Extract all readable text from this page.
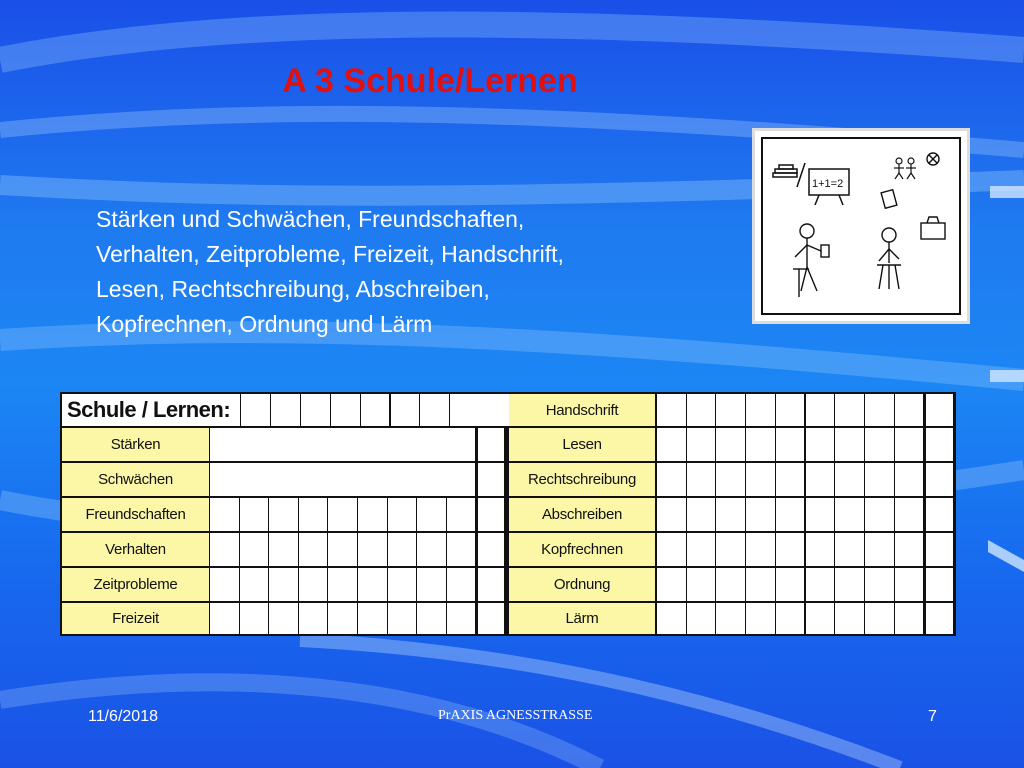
A 3 Schule/Lernen
Stärken und Schwächen, Freundschaften,
Verhalten, Zeitprobleme, Freizeit, Handschrift,
Lesen, Rechtschreibung, Abschreiben,
Kopfrechnen, Ordnung und Lärm
1+1=2
Schule / Lernen:
Stärken
Schwächen
Freundschaften
Verhalten
Zeitprobleme
Freizeit
Handschrift
Lesen
Rechtschreibung
Abschreiben
Kopfrechnen
Ordnung
Lärm
11/6/2018	PrAXIS AGNESSTRASSE	7
